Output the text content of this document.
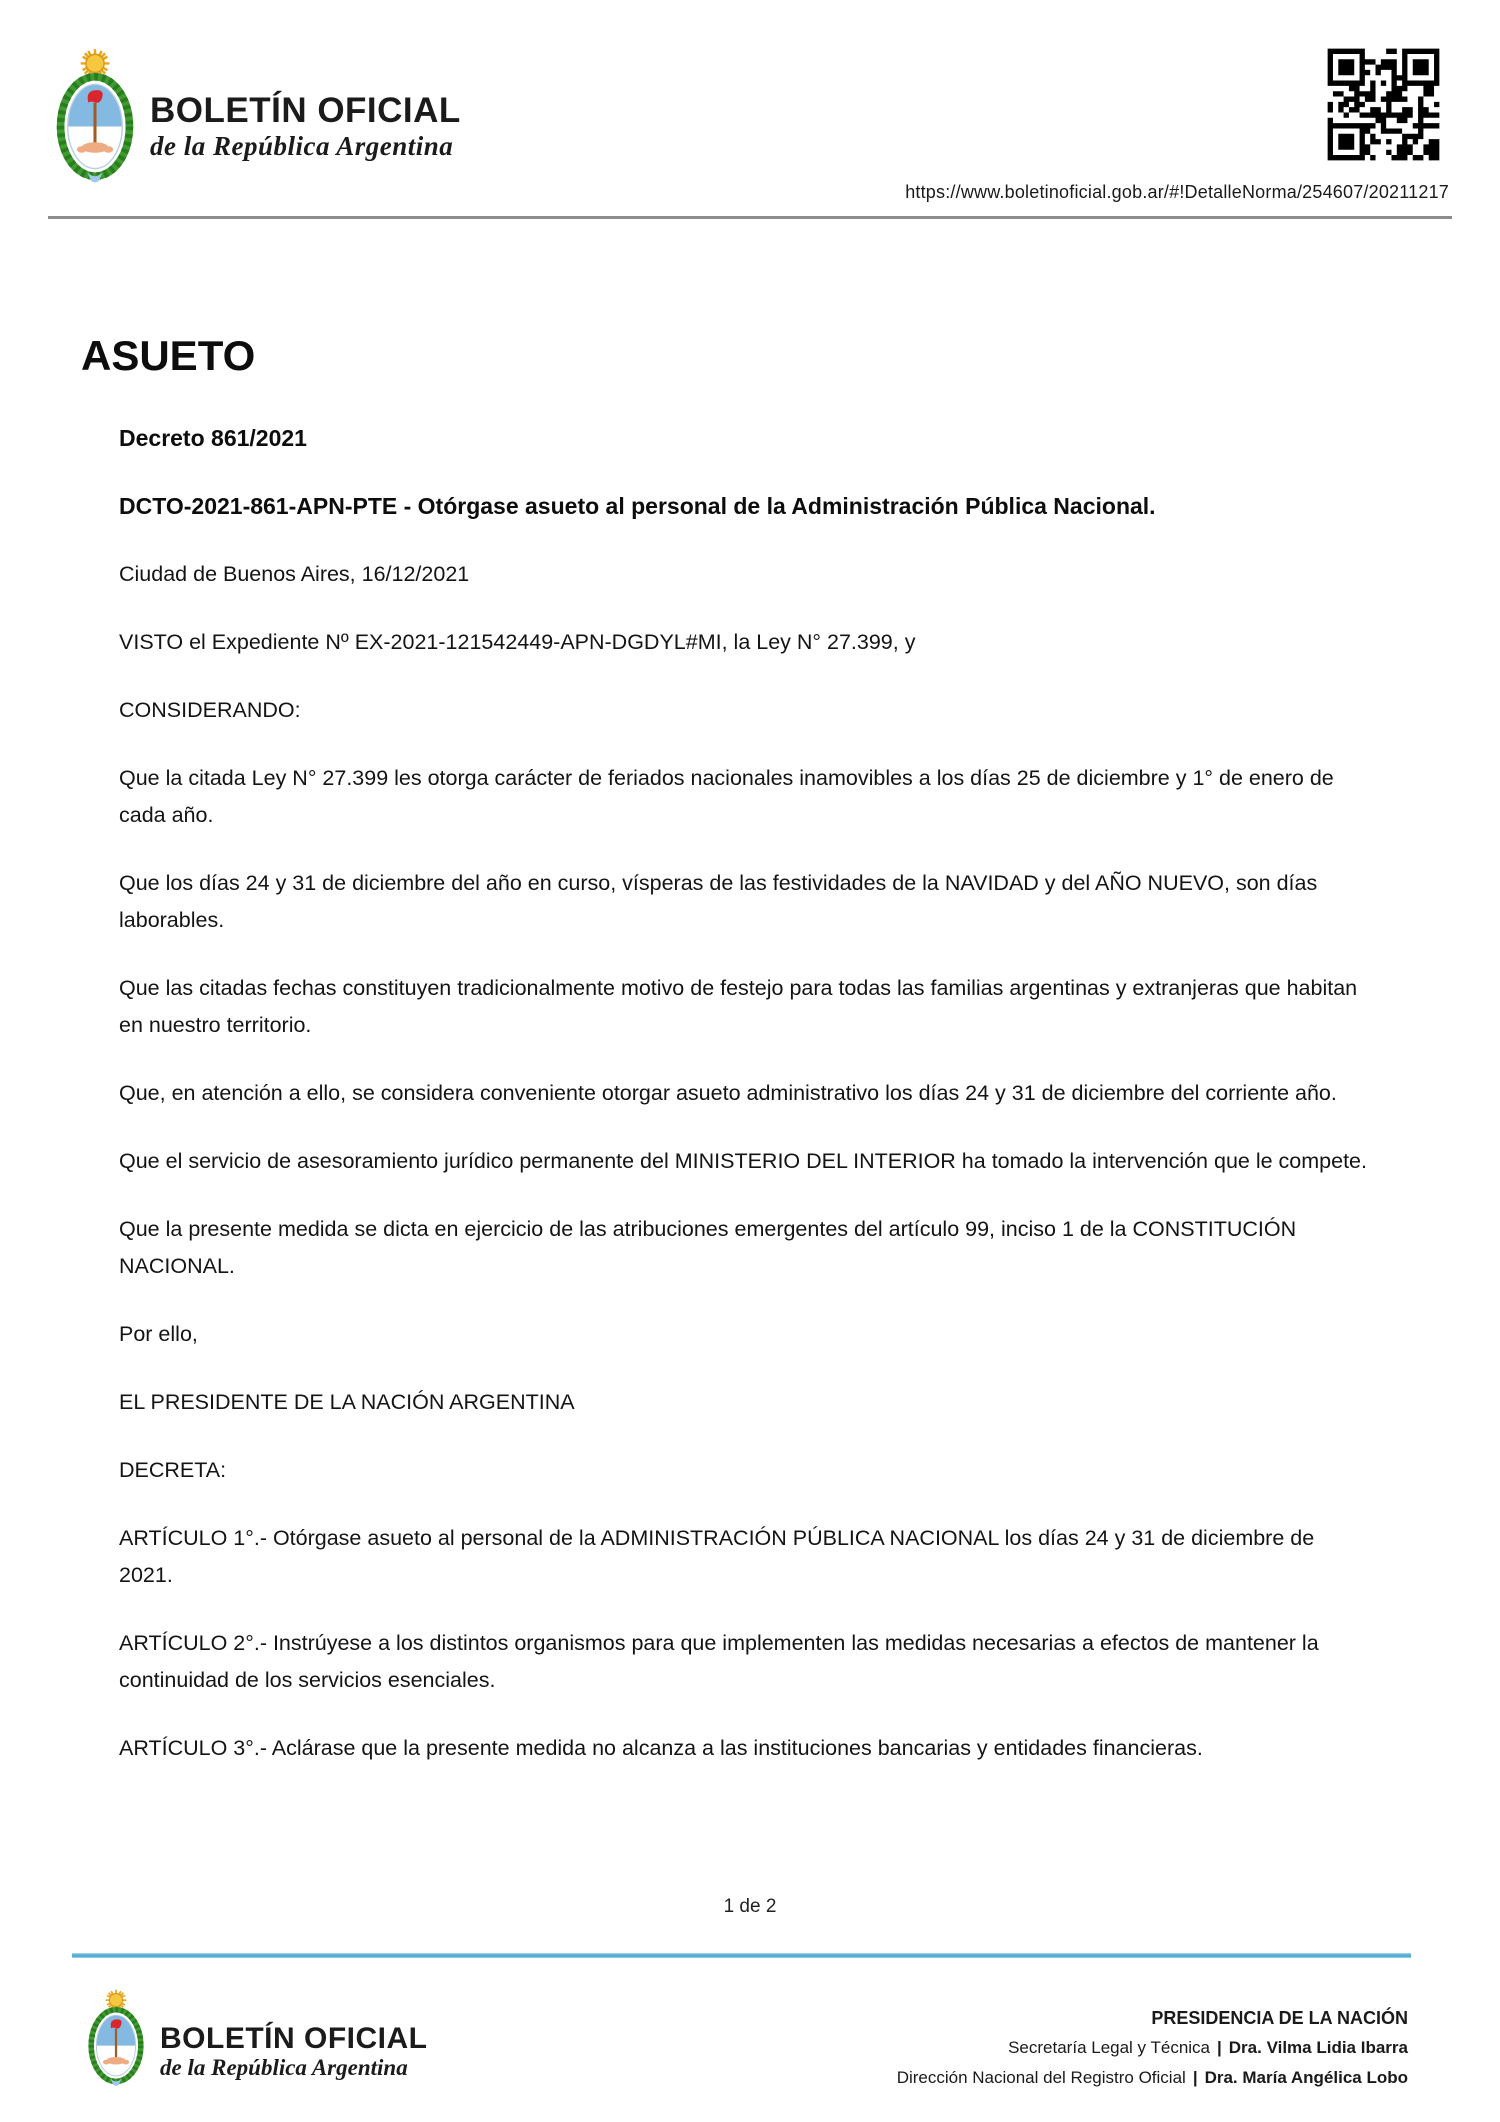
BOLETÍN OFICIAL
de la República Argentina
https://www.boletinoficial.gob.ar/#!DetalleNorma/254607/20211217
ASUETO

Decreto 861/2021

DCTO-2021-861-APN-PTE - Otórgase asueto al personal de la Administración Pública Nacional.

Ciudad de Buenos Aires, 16/12/2021

VISTO el Expediente Nº EX-2021-121542449-APN-DGDYL#MI, la Ley N° 27.399, y

CONSIDERANDO:

Que la citada Ley N° 27.399 les otorga carácter de feriados nacionales inamovibles a los días 25 de diciembre y 1° de enero de cada año.

Que los días 24 y 31 de diciembre del año en curso, vísperas de las festividades de la NAVIDAD y del AÑO NUEVO, son días laborables.

Que las citadas fechas constituyen tradicionalmente motivo de festejo para todas las familias argentinas y extranjeras que habitan en nuestro territorio.

Que, en atención a ello, se considera conveniente otorgar asueto administrativo los días 24 y 31 de diciembre del corriente año.

Que el servicio de asesoramiento jurídico permanente del MINISTERIO DEL INTERIOR ha tomado la intervención que le compete.

Que la presente medida se dicta en ejercicio de las atribuciones emergentes del artículo 99, inciso 1 de la CONSTITUCIÓN NACIONAL.

Por ello,

EL PRESIDENTE DE LA NACIÓN ARGENTINA

DECRETA:

ARTÍCULO 1°.- Otórgase asueto al personal de la ADMINISTRACIÓN PÚBLICA NACIONAL los días 24 y 31 de diciembre de 2021.

ARTÍCULO 2°.- Instrúyese a los distintos organismos para que implementen las medidas necesarias a efectos de mantener la continuidad de los servicios esenciales.

ARTÍCULO 3°.- Aclárase que la presente medida no alcanza a las instituciones bancarias y entidades financieras.

1 de 2
BOLETÍN OFICIAL
de la República Argentina
PRESIDENCIA DE LA NACIÓN
Secretaría Legal y Técnica | Dra. Vilma Lidia Ibarra
Dirección Nacional del Registro Oficial | Dra. María Angélica Lobo
